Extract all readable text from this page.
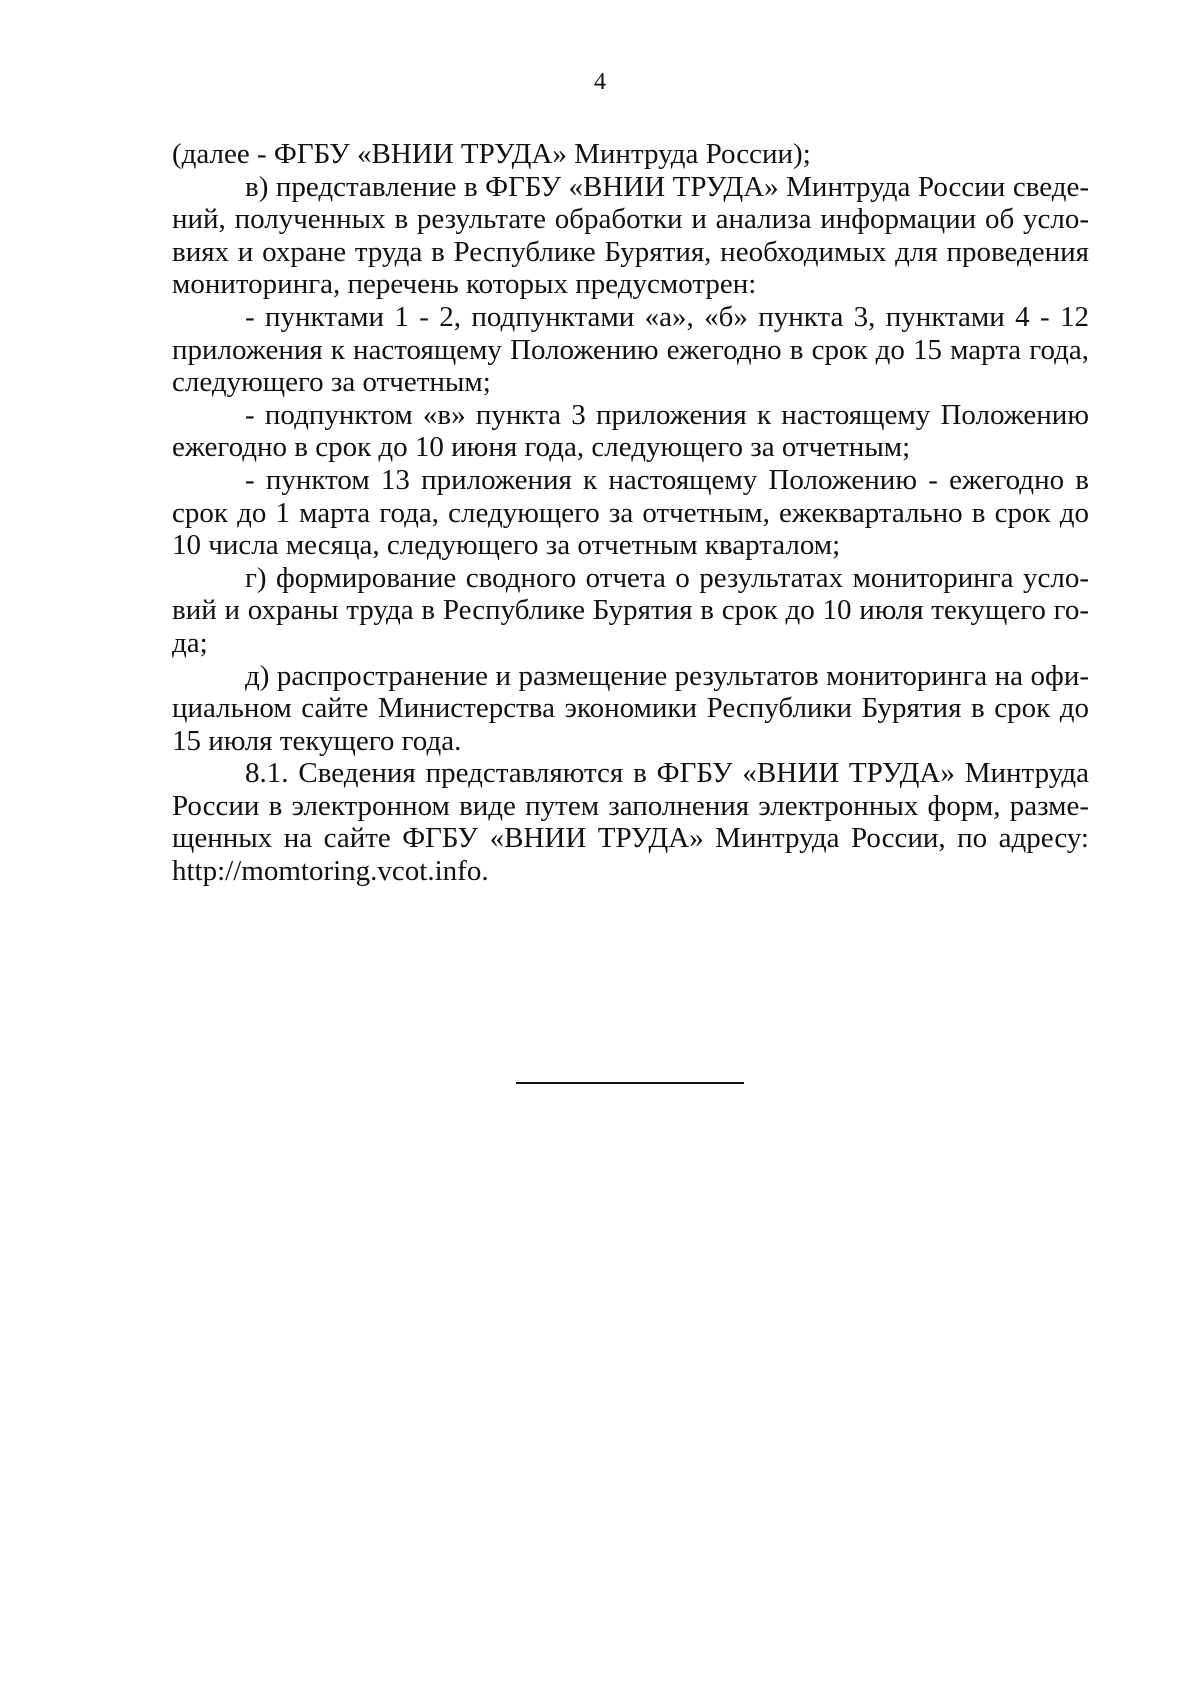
4
(далее - ФГБУ «ВНИИ ТРУДА» Минтруда России);
в) представление в ФГБУ «ВНИИ ТРУДА» Минтруда России сведе-
ний, полученных в результате обработки и анализа информации об усло-
виях и охране труда в Республике Бурятия, необходимых для проведения
мониторинга, перечень которых предусмотрен:
- пунктами 1 - 2, подпунктами «а», «б» пункта 3, пунктами 4 - 12
приложения к настоящему Положению ежегодно в срок до 15 марта года,
следующего за отчетным;
- подпунктом «в» пункта 3 приложения к настоящему Положению
ежегодно в срок до 10 июня года, следующего за отчетным;
- пунктом 13 приложения к настоящему Положению - ежегодно в
срок до 1 марта года, следующего за отчетным, ежеквартально в срок до
10 числа месяца, следующего за отчетным кварталом;
г) формирование сводного отчета о результатах мониторинга усло-
вий и охраны труда в Республике Бурятия в срок до 10 июля текущего го-
да;
д) распространение и размещение результатов мониторинга на офи-
циальном сайте Министерства экономики Республики Бурятия в срок до
15 июля текущего года.
8.1. Сведения представляются в ФГБУ «ВНИИ ТРУДА» Минтруда
России в электронном виде путем заполнения электронных форм, разме-
щенных на сайте ФГБУ «ВНИИ ТРУДА» Минтруда России, по адресу:
http://momtoring.vcot.info.
